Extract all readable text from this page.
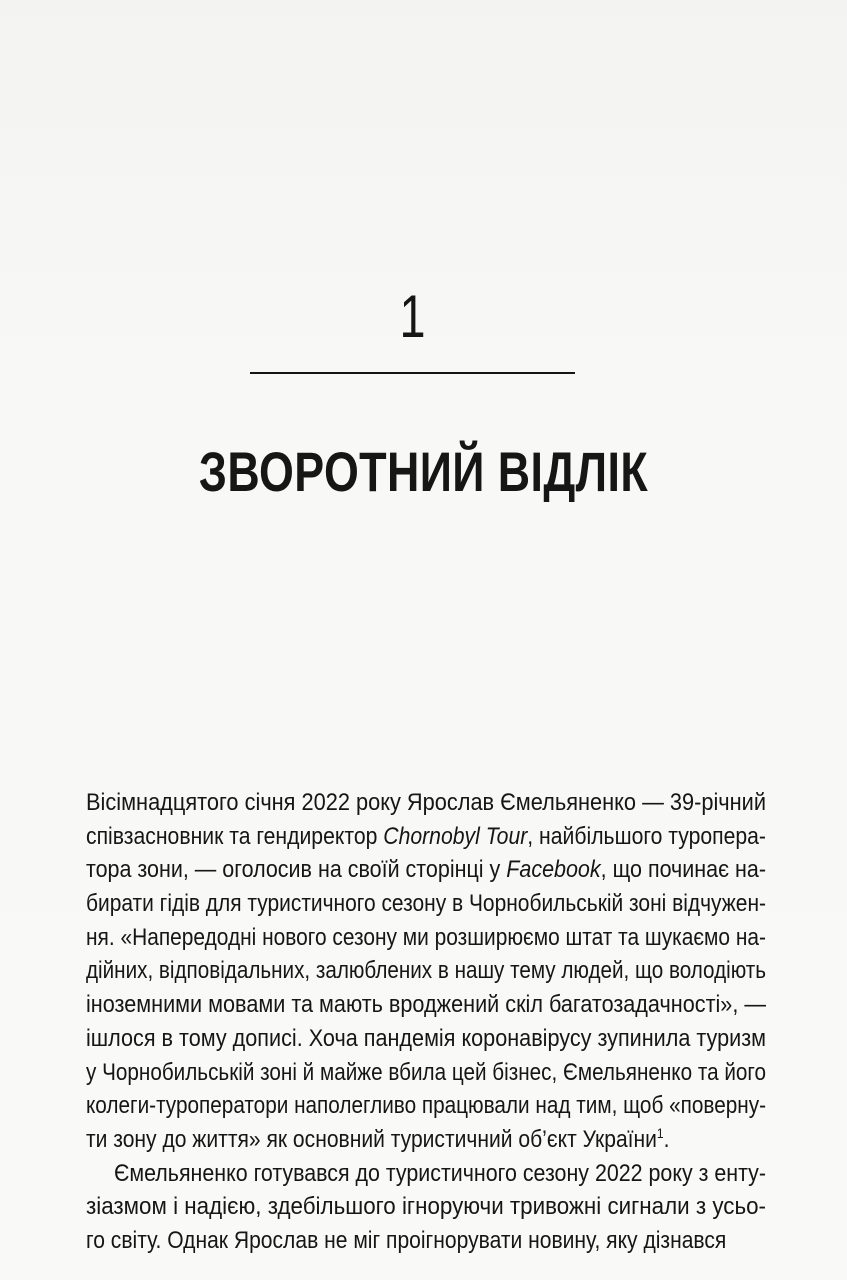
1
ЗВОРОТНИЙ ВІДЛІК
Вісімнадцятого січня 2022 року Ярослав Ємельяненко — 39-річний
співзасновник та гендиректор Chornobyl Tour, найбільшого туропера-
тора зони, — оголосив на своїй сторінці у Facebook, що починає на-
бирати гідів для туристичного сезону в Чорнобильській зоні відчужен-
ня. «Напередодні нового сезону ми розширюємо штат та шукаємо на-
дійних, відповідальних, залюблених в нашу тему людей, що володіють
іноземними мовами та мають вроджений скіл багатозадачності», —
ішлося в тому дописі. Хоча пандемія коронавірусу зупинила туризм
у Чорнобильській зоні й майже вбила цей бізнес, Ємельяненко та його
колеги-туроператори наполегливо працювали над тим, щоб «поверну-
ти зону до життя» як основний туристичний об’єкт України$^1$.
Ємельяненко готувався до туристичного сезону 2022 року з енту-
зіазмом і надією, здебільшого ігноруючи тривожні сигнали з усьо-
го світу. Однак Ярослав не міг проігнорувати новину, яку дізнався
